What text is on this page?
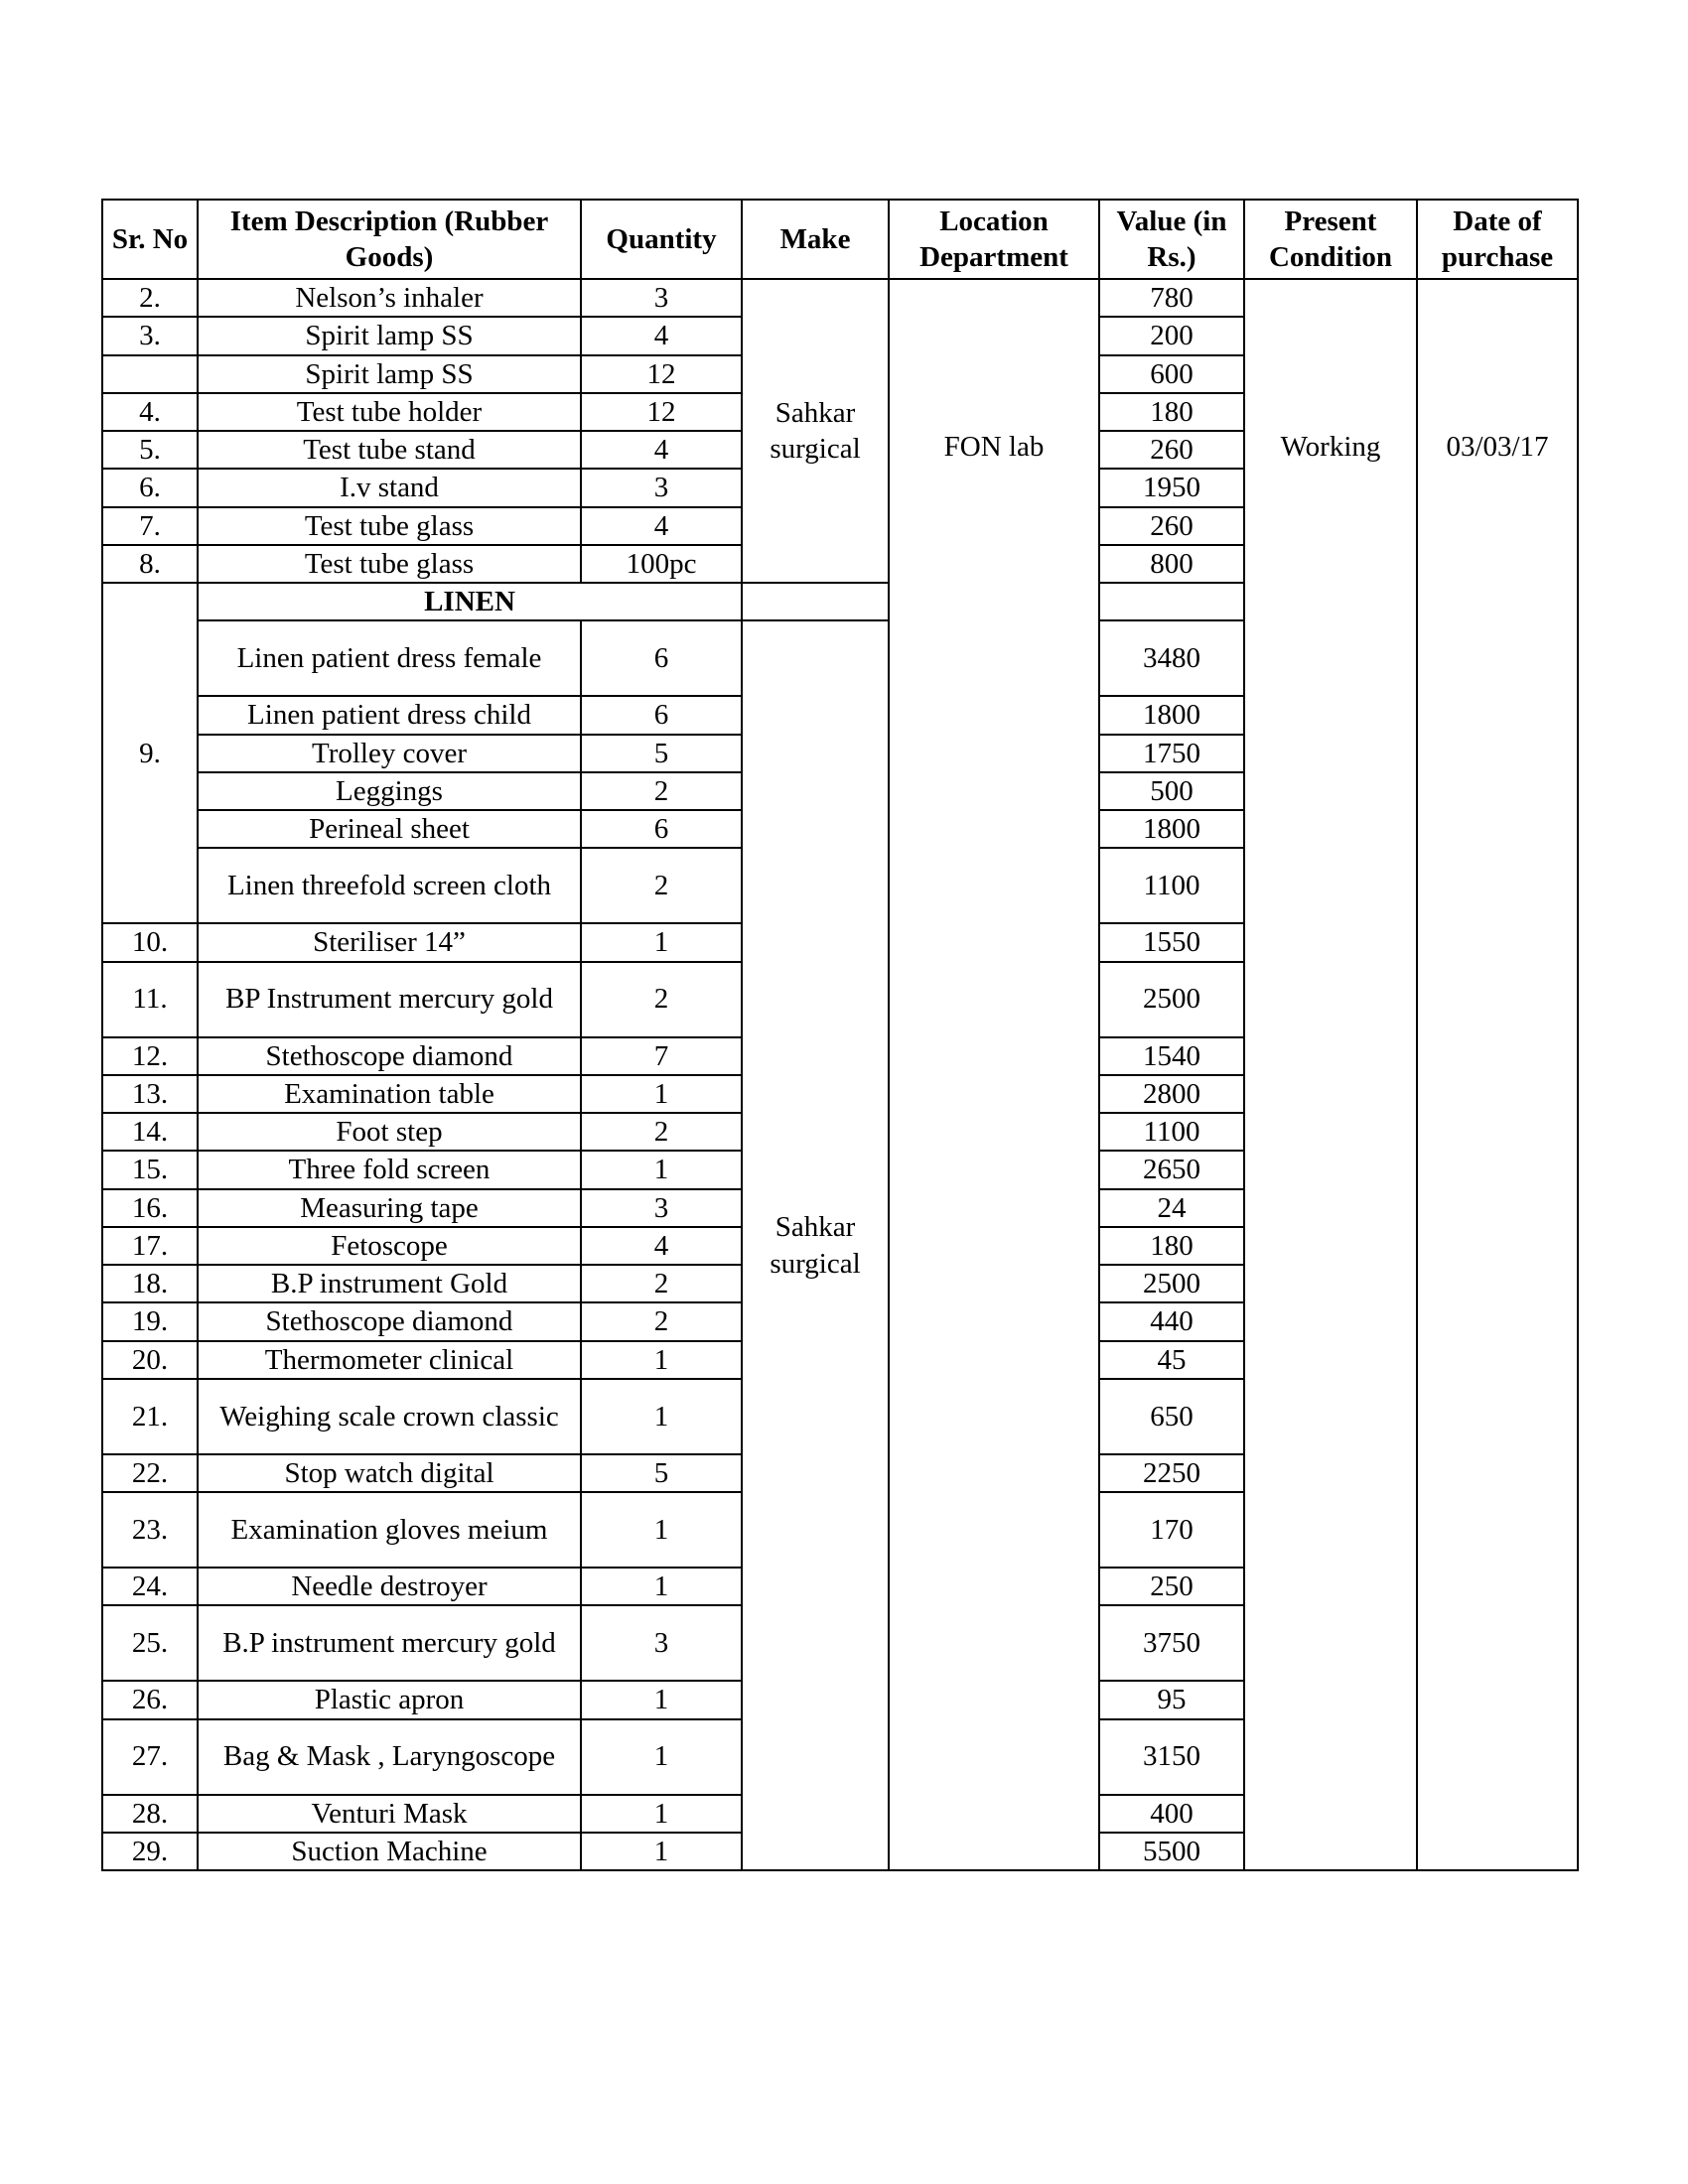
Sr. No	Item Description (Rubber Goods)	Quantity	Make	Location Department	Value (in Rs.)	Present Condition	Date of purchase	
2.	Nelson’s inhaler	3	Sahkar surgical	FON lab	780	Working	03/03/17	
3.	Spirit lamp SS	4			200			
	Spirit lamp SS	12			600			
4.	Test tube holder	12			180			
5.	Test tube stand	4			260			
6.	I.v stand	3			1950			
7.	Test tube glass	4			260			
8.	Test tube glass	100pc			800			
9.	LINEN							
	Linen patient dress female	6	Sahkar surgical		3480			
	Linen patient dress child	6			1800			
	Trolley cover	5			1750			
	Leggings	2			500			
	Perineal sheet	6			1800			
	Linen threefold screen cloth	2			1100			
10.	Steriliser 14”	1			1550			
11.	BP Instrument mercury gold	2			2500			
12.	Stethoscope diamond	7			1540			
13.	Examination table	1			2800			
14.	Foot step	2			1100			
15.	Three fold screen	1			2650			
16.	Measuring tape	3			24			
17.	Fetoscope	4			180			
18.	B.P instrument Gold	2			2500			
19.	Stethoscope diamond	2			440			
20.	Thermometer clinical	1			45			
21.	Weighing scale crown classic	1			650			
22.	Stop watch digital	5			2250			
23.	Examination gloves meium	1			170			
24.	Needle destroyer	1			250			
25.	B.P instrument mercury gold	3			3750			
26.	Plastic apron	1			95			
27.	Bag & Mask , Laryngoscope	1			3150	
28.	Venturi Mask	1			400			
29.	Suction Machine	1			5500			
